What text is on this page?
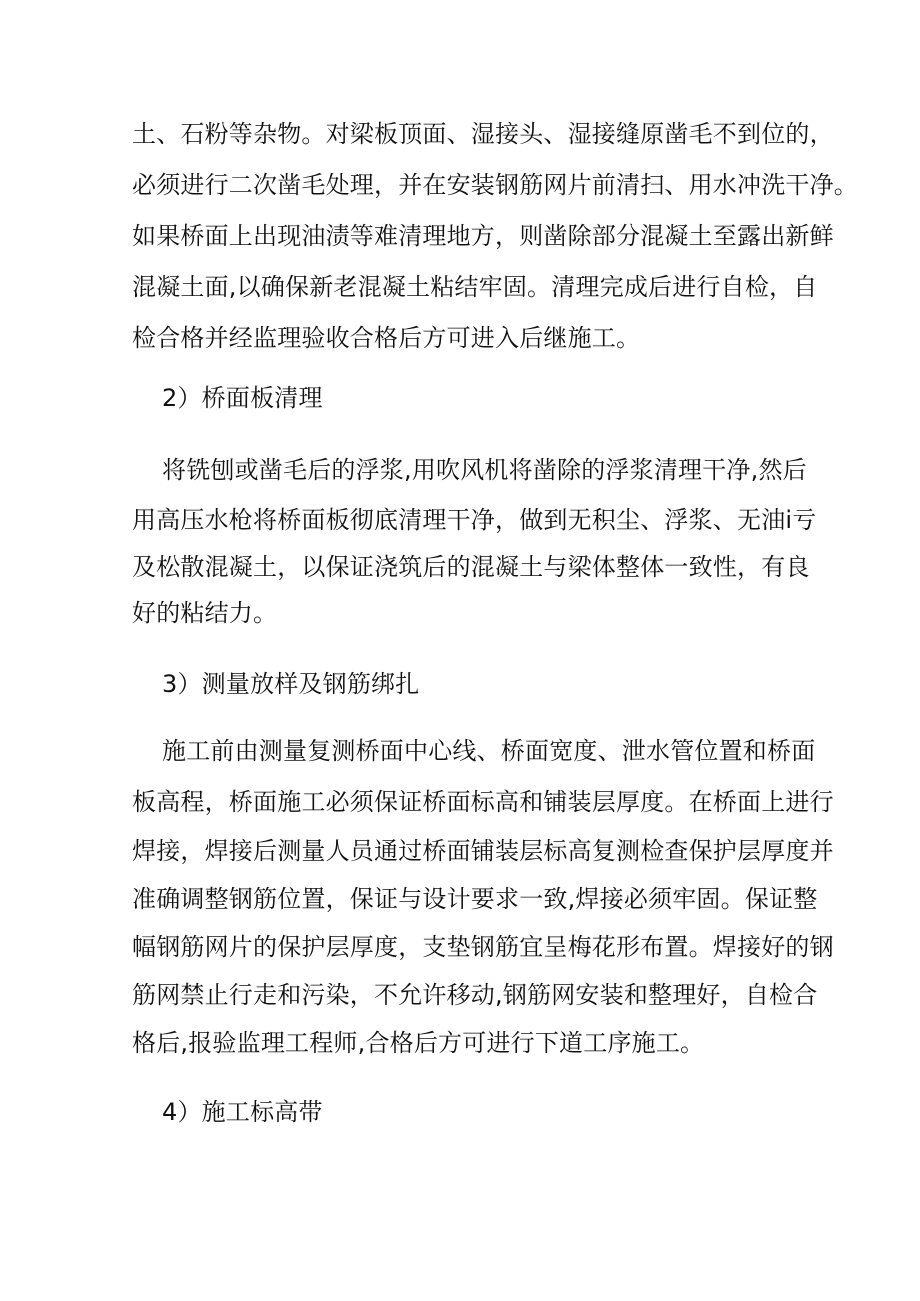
土、石粉等杂物。对梁板顶面、湿接头、湿接缝原凿毛不到位的，
必须进行二次凿毛处理，并在安装钢筋网片前清扫、用水冲洗干净。
如果桥面上出现油渍等难清理地方，则凿除部分混凝土至露出新鲜
混凝土面,以确保新老混凝土粘结牢固。清理完成后进行自检，自
检合格并经监理验收合格后方可进入后继施工。
2）桥面板清理
将铣刨或凿毛后的浮浆,用吹风机将凿除的浮浆清理干净,然后
用高压水枪将桥面板彻底清理干净，做到无积尘、浮浆、无油i亏
及松散混凝土，以保证浇筑后的混凝土与梁体整体一致性，有良
好的粘结力。
3）测量放样及钢筋绑扎
施工前由测量复测桥面中心线、桥面宽度、泄水管位置和桥面
板高程，桥面施工必须保证桥面标高和铺装层厚度。在桥面上进行
焊接，焊接后测量人员通过桥面铺装层标高复测检查保护层厚度并
准确调整钢筋位置，保证与设计要求一致,焊接必须牢固。保证整
幅钢筋网片的保护层厚度，支垫钢筋宜呈梅花形布置。焊接好的钢
筋网禁止行走和污染，不允许移动,钢筋网安装和整理好，自检合
格后,报验监理工程师,合格后方可进行下道工序施工。
4）施工标高带
